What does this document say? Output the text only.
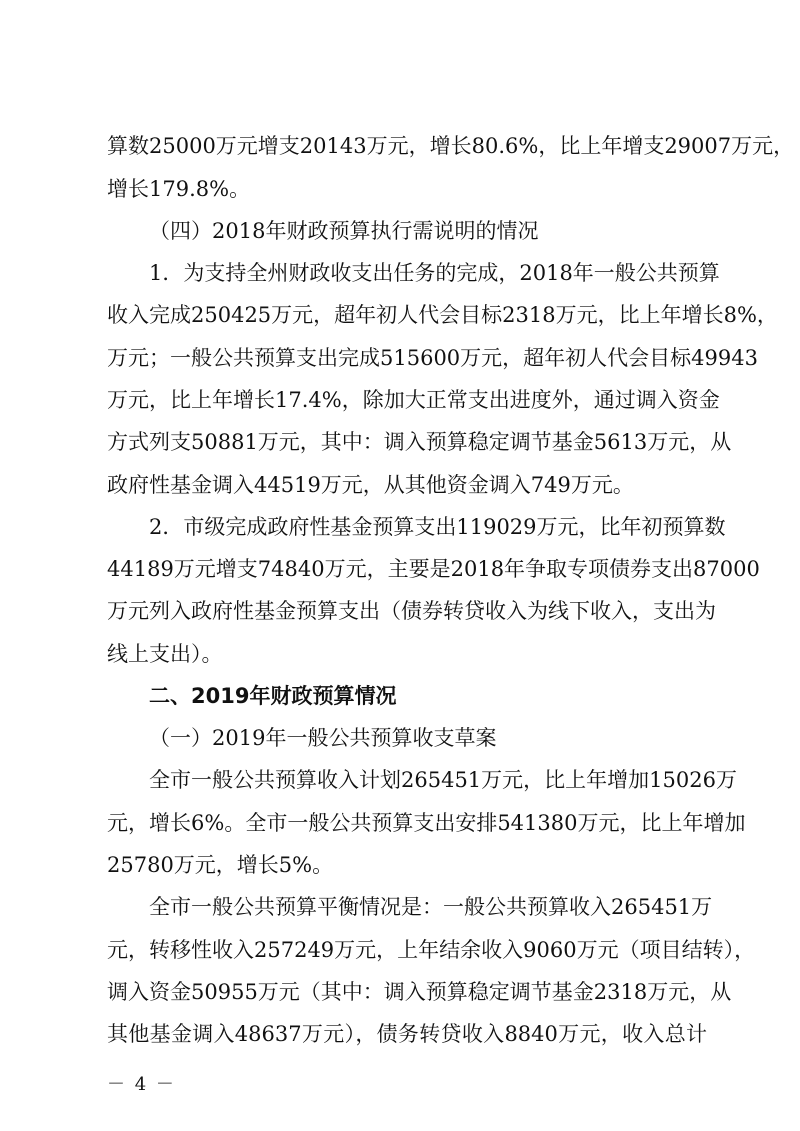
算数25000万元增支20143万元，增长80.6%，比上年增支29007万元，
增长179.8%。
（四）2018年财政预算执行需说明的情况
1．为支持全州财政收支出任务的完成，2018年一般公共预算
收入完成250425万元，超年初人代会目标2318万元，比上年增长8%，
万元；一般公共预算支出完成515600万元，超年初人代会目标49943
万元，比上年增长17.4%，除加大正常支出进度外，通过调入资金
方式列支50881万元，其中：调入预算稳定调节基金5613万元，从
政府性基金调入44519万元，从其他资金调入749万元。
2．市级完成政府性基金预算支出119029万元，比年初预算数
44189万元增支74840万元，主要是2018年争取专项债券支出87000
万元列入政府性基金预算支出（债券转贷收入为线下收入，支出为
线上支出）。
二、2019年财政预算情况
（一）2019年一般公共预算收支草案
全市一般公共预算收入计划265451万元，比上年增加15026万
元，增长6%。全市一般公共预算支出安排541380万元，比上年增加
25780万元，增长5%。
全市一般公共预算平衡情况是：一般公共预算收入265451万
元，转移性收入257249万元，上年结余收入9060万元（项目结转），
调入资金50955万元（其中：调入预算稳定调节基金2318万元，从
其他基金调入48637万元），债务转贷收入8840万元，收入总计
－ 4 －
